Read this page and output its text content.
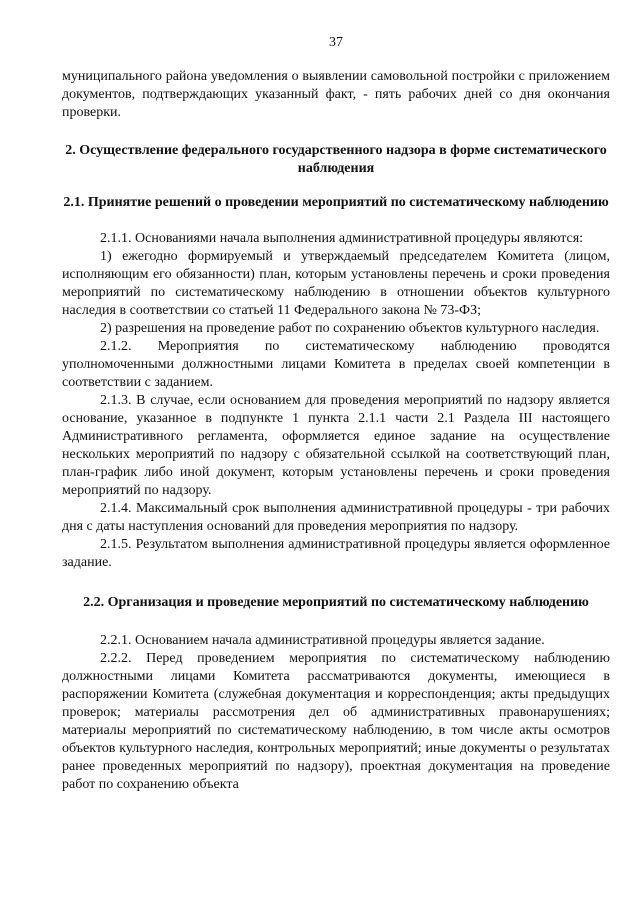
37

муниципального района уведомления о выявлении самовольной постройки с приложением документов, подтверждающих указанный факт, - пять рабочих дней со дня окончания проверки.

2. Осуществление федерального государственного надзора в форме систематического наблюдения
2.1. Принятие решений о проведении мероприятий по систематическому наблюдению

2.1.1. Основаниями начала выполнения административной процедуры являются:

1) ежегодно формируемый и утверждаемый председателем Комитета (лицом, исполняющим его обязанности) план, которым установлены перечень и сроки проведения мероприятий по систематическому наблюдению в отношении объектов культурного наследия в соответствии со статьей 11 Федерального закона № 73-ФЗ;

2) разрешения на проведение работ по сохранению объектов культурного наследия.

2.1.2. Мероприятия по систематическому наблюдению проводятся уполномоченными должностными лицами Комитета в пределах своей компетенции в соответствии с заданием.

2.1.3. В случае, если основанием для проведения мероприятий по надзору является основание, указанное в подпункте 1 пункта 2.1.1 части 2.1 Раздела III настоящего Административного регламента, оформляется единое задание на осуществление нескольких мероприятий по надзору с обязательной ссылкой на соответствующий план, план-график либо иной документ, которым установлены перечень и сроки проведения мероприятий по надзору.

2.1.4. Максимальный срок выполнения административной процедуры - три рабочих дня с даты наступления оснований для проведения мероприятия по надзору.

2.1.5. Результатом выполнения административной процедуры является оформленное задание.

2.2. Организация и проведение мероприятий по систематическому наблюдению

2.2.1. Основанием начала административной процедуры является задание.

2.2.2. Перед проведением мероприятия по систематическому наблюдению должностными лицами Комитета рассматриваются документы, имеющиеся в распоряжении Комитета (служебная документация и корреспонденция; акты предыдущих проверок; материалы рассмотрения дел об административных правонарушениях; материалы мероприятий по систематическому наблюдению, в том числе акты осмотров объектов культурного наследия, контрольных мероприятий; иные документы о результатах ранее проведенных мероприятий по надзору), проектная документация на проведение работ по сохранению объекта
